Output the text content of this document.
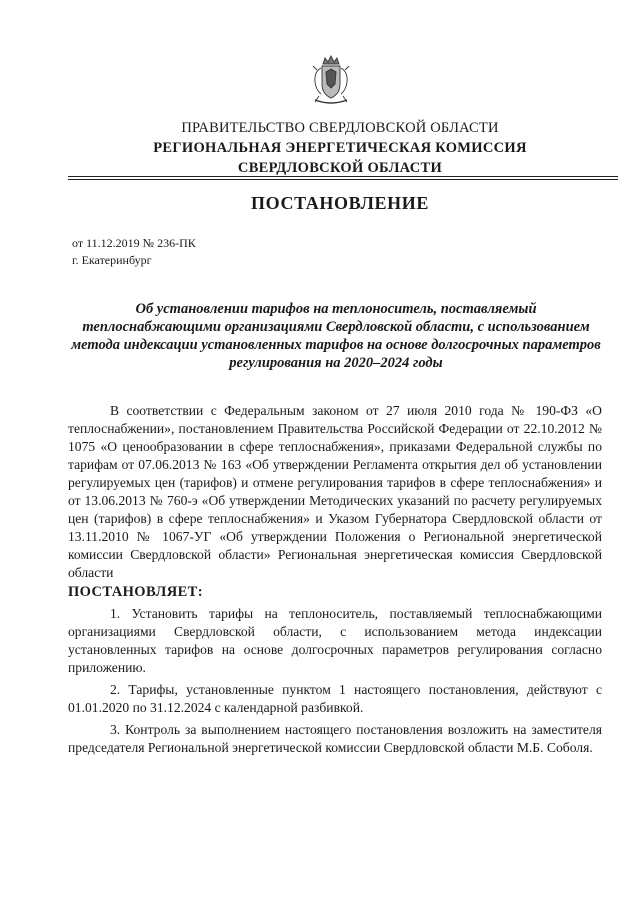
ПРАВИТЕЛЬСТВО СВЕРДЛОВСКОЙ ОБЛАСТИ
РЕГИОНАЛЬНАЯ ЭНЕРГЕТИЧЕСКАЯ КОМИССИЯ
СВЕРДЛОВСКОЙ ОБЛАСТИ
ПОСТАНОВЛЕНИЕ
от 11.12.2019 № 236-ПК
г. Екатеринбург
Об установлении тарифов на теплоноситель, поставляемый теплоснабжающими организациями Свердловской области, с использованием метода индексации установленных тарифов на основе долгосрочных параметров регулирования на 2020–2024 годы

В соответствии с Федеральным законом от 27 июля 2010 года № 190-ФЗ «О теплоснабжении», постановлением Правительства Российской Федерации от 22.10.2012 № 1075 «О ценообразовании в сфере теплоснабжения», приказами Федеральной службы по тарифам от 07.06.2013 № 163 «Об утверждении Регламента открытия дел об установлении регулируемых цен (тарифов) и отмене регулирования тарифов в сфере теплоснабжения» и от 13.06.2013 № 760-э «Об утверждении Методических указаний по расчету регулируемых цен (тарифов) в сфере теплоснабжения» и Указом Губернатора Свердловской области от 13.11.2010 № 1067-УГ «Об утверждении Положения о Региональной энергетической комиссии Свердловской области» Региональная энергетическая комиссия Свердловской области

ПОСТАНОВЛЯЕТ:

1. Установить тарифы на теплоноситель, поставляемый теплоснабжающими организациями Свердловской области, с использованием метода индексации установленных тарифов на основе долгосрочных параметров регулирования согласно приложению.

2. Тарифы, установленные пунктом 1 настоящего постановления, действуют с 01.01.2020 по 31.12.2024 с календарной разбивкой.

3. Контроль за выполнением настоящего постановления возложить на заместителя председателя Региональной энергетической комиссии Свердловской области М.Б. Соболя.
